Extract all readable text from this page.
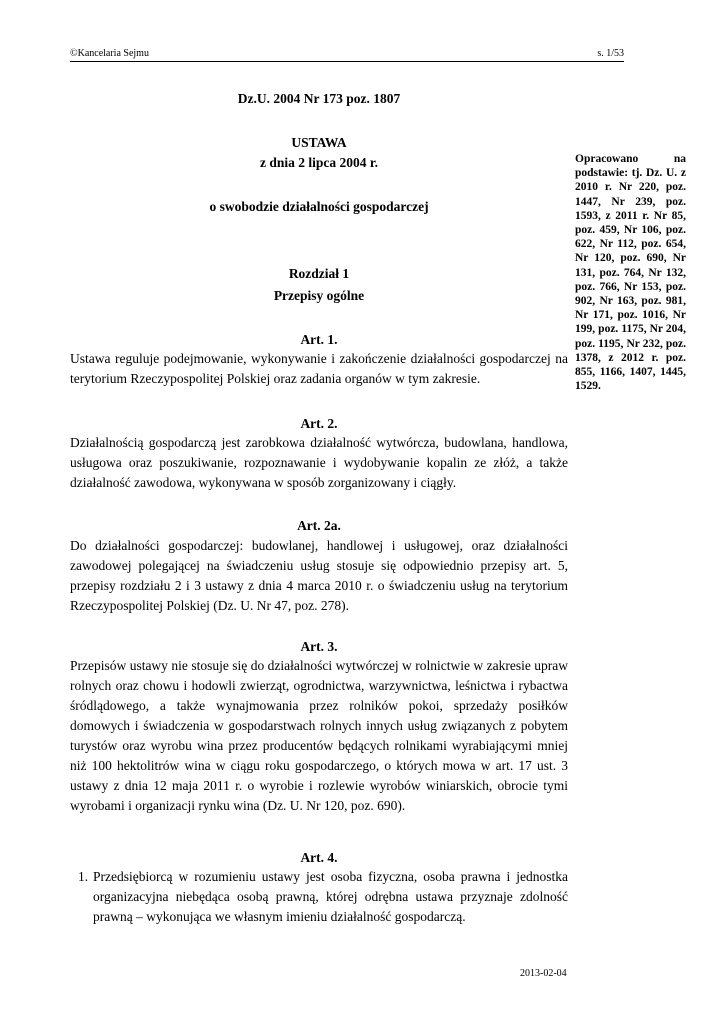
©Kancelaria Sejmu	s. 1/53
Dz.U. 2004 Nr 173 poz. 1807
USTAWA
z dnia 2 lipca 2004 r.
o swobodzie działalności gospodarczej
Rozdział 1
Przepisy ogólne
Art. 1.
Ustawa reguluje podejmowanie, wykonywanie i zakończenie działalności gospodarczej na terytorium Rzeczypospolitej Polskiej oraz zadania organów w tym zakresie.
Art. 2.
Działalnością gospodarczą jest zarobkowa działalność wytwórcza, budowlana, handlowa, usługowa oraz poszukiwanie, rozpoznawanie i wydobywanie kopalin ze złóż, a także działalność zawodowa, wykonywana w sposób zorganizowany i ciągły.
Art. 2a.
Do działalności gospodarczej: budowlanej, handlowej i usługowej, oraz działalności zawodowej polegającej na świadczeniu usług stosuje się odpowiednio przepisy art. 5, przepisy rozdziału 2 i 3 ustawy z dnia 4 marca 2010 r. o świadczeniu usług na terytorium Rzeczypospolitej Polskiej (Dz. U. Nr 47, poz. 278).
Art. 3.
Przepisów ustawy nie stosuje się do działalności wytwórczej w rolnictwie w zakresie upraw rolnych oraz chowu i hodowli zwierząt, ogrodnictwa, warzywnictwa, leśnictwa i rybactwa śródlądowego, a także wynajmowania przez rolników pokoi, sprzedaży posiłków domowych i świadczenia w gospodarstwach rolnych innych usług związanych z pobytem turystów oraz wyrobu wina przez producentów będących rolnikami wyrabiającymi mniej niż 100 hektolitrów wina w ciągu roku gospodarczego, o których mowa w art. 17 ust. 3 ustawy z dnia 12 maja 2011 r. o wyrobie i rozlewie wyrobów winiarskich, obrocie tymi wyrobami i organizacji rynku wina (Dz. U. Nr 120, poz. 690).
Art. 4.
1. Przedsiębiorcą w rozumieniu ustawy jest osoba fizyczna, osoba prawna i jednostka organizacyjna niebędąca osobą prawną, której odrębna ustawa przyznaje zdolność prawną – wykonująca we własnym imieniu działalność gospodarczą.
Opracowano na podstawie: tj. Dz. U. z 2010 r. Nr 220, poz. 1447, Nr 239, poz. 1593, z 2011 r. Nr 85, poz. 459, Nr 106, poz. 622, Nr 112, poz. 654, Nr 120, poz. 690, Nr 131, poz. 764, Nr 132, poz. 766, Nr 153, poz. 902, Nr 163, poz. 981, Nr 171, poz. 1016, Nr 199, poz. 1175, Nr 204, poz. 1195, Nr 232, poz. 1378, z 2012 r. poz. 855, 1166, 1407, 1445, 1529.
2013-02-04
